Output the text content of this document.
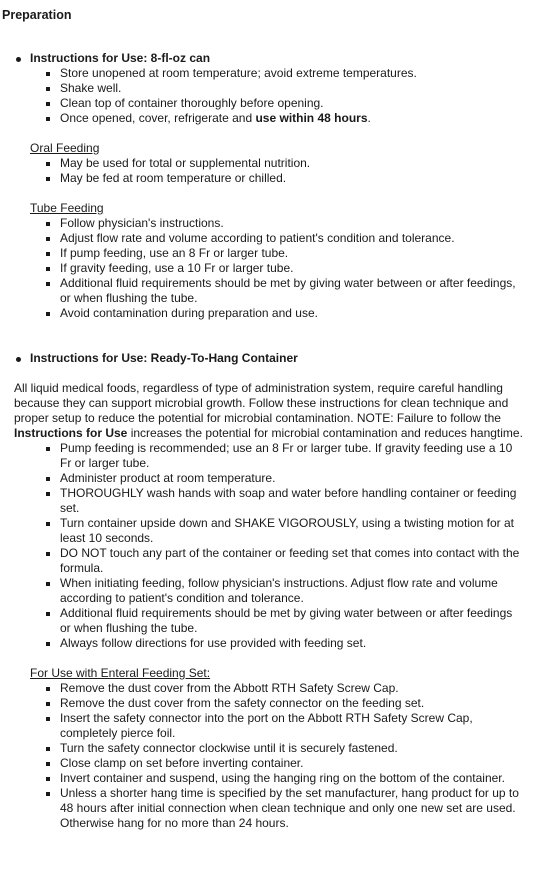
Preparation
Instructions for Use: 8-fl-oz can
Store unopened at room temperature; avoid extreme temperatures.
Shake well.
Clean top of container thoroughly before opening.
Once opened, cover, refrigerate and use within 48 hours.
Oral Feeding
May be used for total or supplemental nutrition.
May be fed at room temperature or chilled.
Tube Feeding
Follow physician's instructions.
Adjust flow rate and volume according to patient's condition and tolerance.
If pump feeding, use an 8 Fr or larger tube.
If gravity feeding, use a 10 Fr or larger tube.
Additional fluid requirements should be met by giving water between or after feedings, or when flushing the tube.
Avoid contamination during preparation and use.
Instructions for Use: Ready-To-Hang Container

All liquid medical foods, regardless of type of administration system, require careful handling because they can support microbial growth. Follow these instructions for clean technique and proper setup to reduce the potential for microbial contamination. NOTE: Failure to follow the Instructions for Use increases the potential for microbial contamination and reduces hangtime.

Pump feeding is recommended; use an 8 Fr or larger tube. If gravity feeding use a 10 Fr or larger tube.
Administer product at room temperature.
THOROUGHLY wash hands with soap and water before handling container or feeding set.
Turn container upside down and SHAKE VIGOROUSLY, using a twisting motion for at least 10 seconds.
DO NOT touch any part of the container or feeding set that comes into contact with the formula.
When initiating feeding, follow physician's instructions. Adjust flow rate and volume according to patient's condition and tolerance.
Additional fluid requirements should be met by giving water between or after feedings or when flushing the tube.
Always follow directions for use provided with feeding set.
For Use with Enteral Feeding Set:
Remove the dust cover from the Abbott RTH Safety Screw Cap.
Remove the dust cover from the safety connector on the feeding set.
Insert the safety connector into the port on the Abbott RTH Safety Screw Cap, completely pierce foil.
Turn the safety connector clockwise until it is securely fastened.
Close clamp on set before inverting container.
Invert container and suspend, using the hanging ring on the bottom of the container.
Unless a shorter hang time is specified by the set manufacturer, hang product for up to 48 hours after initial connection when clean technique and only one new set are used. Otherwise hang for no more than 24 hours.
